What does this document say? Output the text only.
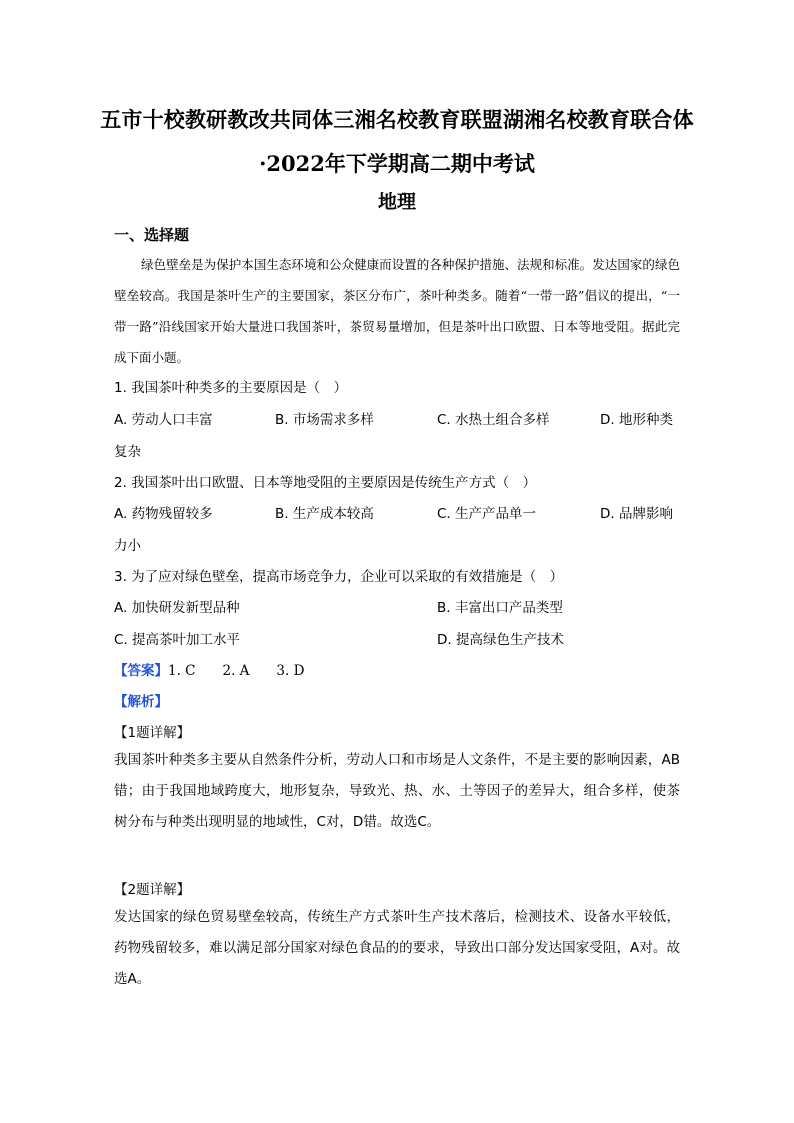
五市十校教研教改共同体三湘名校教育联盟湖湘名校教育联合体
·2022年下学期高二期中考试
地理
一、选择题
绿色壁垒是为保护本国生态环境和公众健康而设置的各种保护措施、法规和标准。发达国家的绿色壁垒较高。我国是茶叶生产的主要国家，茶区分布广，茶叶种类多。随着“一带一路”倡议的提出，“一带一路”沿线国家开始大量进口我国茶叶，茶贸易量增加，但是茶叶出口欧盟、日本等地受阻。据此完成下面小题。
1. 我国茶叶种类多的主要原因是（　）
A. 劳动人口丰富	B. 市场需求多样	C. 水热土组合多样	D. 地形种类
复杂
2. 我国茶叶出口欧盟、日本等地受阻的主要原因是传统生产方式（　）
A. 药物残留较多	B. 生产成本较高	C. 生产产品单一	D. 品牌影响
力小
3. 为了应对绿色壁垒，提高市场竞争力，企业可以采取的有效措施是（　）
A. 加快研发新型品种	B. 丰富出口产品类型
C. 提高茶叶加工水平	D. 提高绿色生产技术
【答案】1. C　　2. A　　3. D
【解析】
【1题详解】
我国茶叶种类多主要从自然条件分析，劳动人口和市场是人文条件，不是主要的影响因素，AB错；由于我国地域跨度大，地形复杂，导致光、热、水、土等因子的差异大，组合多样，使茶树分布与种类出现明显的地域性，C对，D错。故选C。
【2题详解】
发达国家的绿色贸易壁垒较高，传统生产方式茶叶生产技术落后，检测技术、设备水平较低，药物残留较多，难以满足部分国家对绿色食品的的要求，导致出口部分发达国家受阻，A对。故选A。
